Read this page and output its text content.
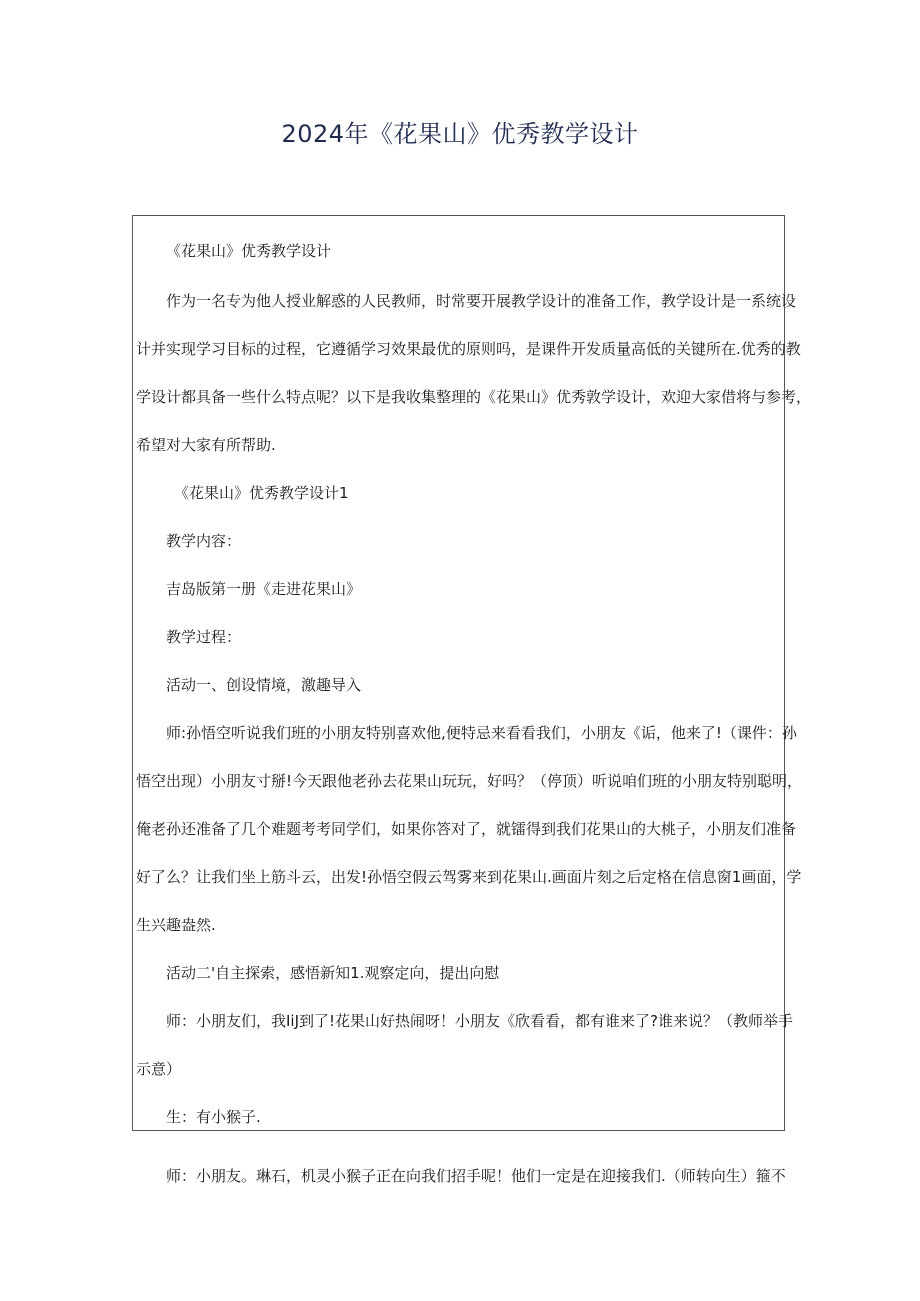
2024年《花果山》优秀教学设计
《花果山》优秀教学设计
作为一名专为他人授业解惑的人民教师，时常要开展教学设计的准备工作，教学设计是一系统设
计并实现学习目标的过程，它遵循学习效果最优的原则吗，是课件开发质量高低的关键所在.优秀的教
学设计都具备一些什么特点呢？以下是我收集整理的《花果山》优秀敦学设计，欢迎大家借将与参考，
希望对大家有所帮助.
《花果山》优秀教学设计1
教学内容：
吉岛版第一册《走进花果山》
教学过程：
活动一、创设情境，激趣导入
师:孙悟空听说我们班的小朋友特别喜欢他,便特忌来看看我们，小朋友《诟，他来了!（课件：孙
悟空出现）小朋友寸掰!今天跟他老孙去花果山玩玩，好吗？（停顶）听说咱们班的小朋友特别聪明，
俺老孙还准备了几个难题考考同学们，如果你答对了，就镭得到我们花果山的大桃子，小朋友们准备
好了么？让我们坐上筋斗云，出发!孙悟空假云驾雾来到花果山.画面片刻之后定格在信息窗1画面，学
生兴趣盎然.
活动二'自主探索，感悟新知1.观察定向，提出向慰
师：小朋友们，我IiJ到了!花果山好热闹呀！小朋友《欣看看，都有谁来了?谁来说？（教师举手
示意）
生：有小猴子.
师：小朋友。琳石，机灵小猴子正在向我们招手呢！他们一定是在迎接我们.（师转向生）箍不
